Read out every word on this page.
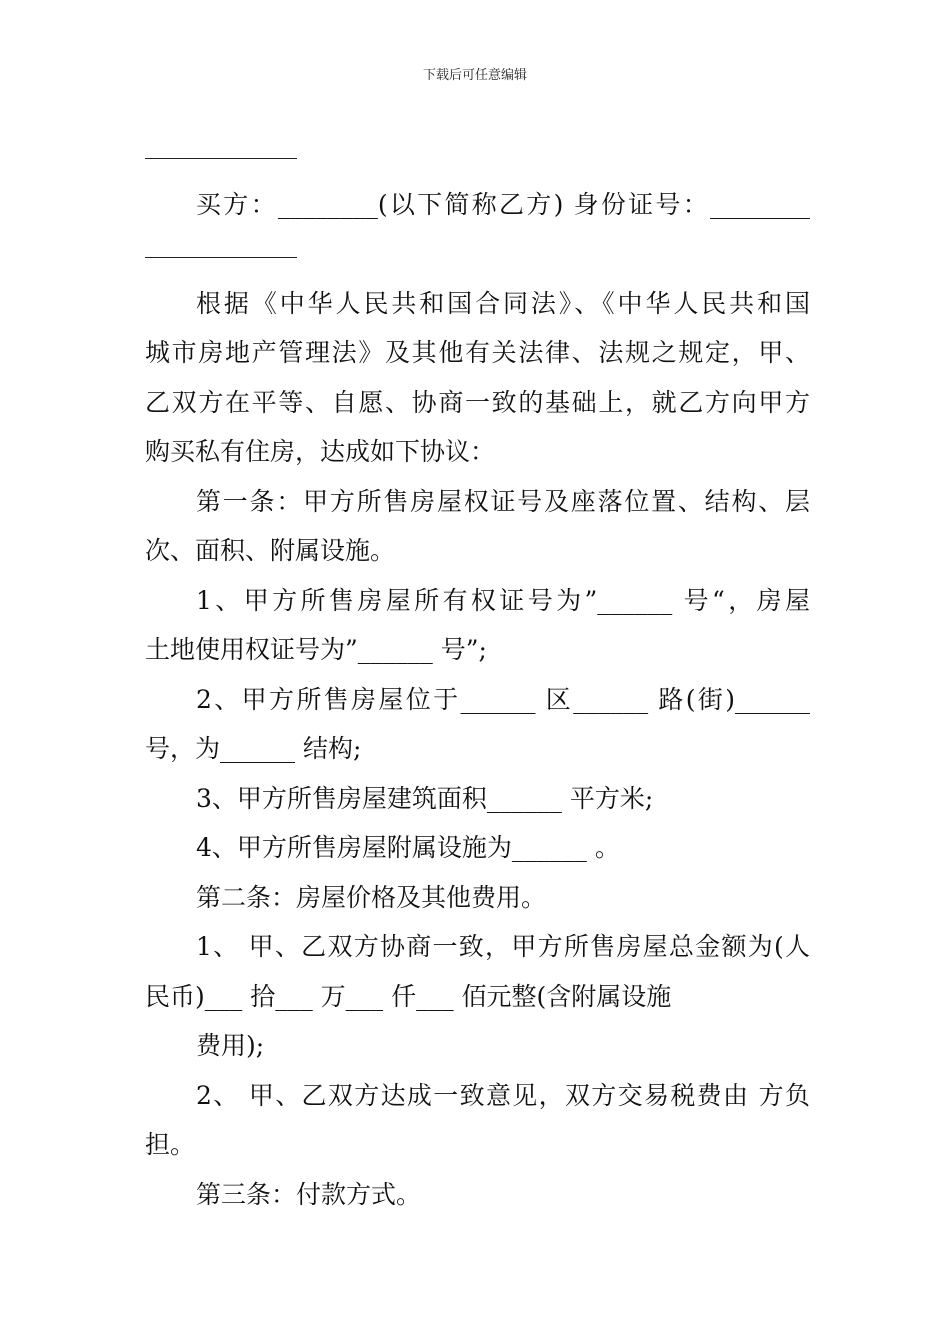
下载后可任意编辑
买方：________(以下简称乙方) 身份证号：________
根据《中华人民共和国合同法》、《中华人民共和国
城市房地产管理法》及其他有关法律、法规之规定，甲、
乙双方在平等、自愿、协商一致的基础上，就乙方向甲方
购买私有住房，达成如下协议：
第一条：甲方所售房屋权证号及座落位置、结构、层
次、面积、附属设施。
1、甲方所售房屋所有权证号为”______ 号“，房屋
土地使用权证号为”______ 号”;
2、甲方所售房屋位于______ 区______ 路(街)______
号，为______ 结构;
3、甲方所售房屋建筑面积______ 平方米;
4、甲方所售房屋附属设施为______ 。
第二条：房屋价格及其他费用。
1、 甲、乙双方协商一致，甲方所售房屋总金额为(人
民币)___ 拾___ 万___ 仟___ 佰元整(含附属设施
费用);
2、 甲、乙双方达成一致意见，双方交易税费由 方负
担。
第三条：付款方式。
